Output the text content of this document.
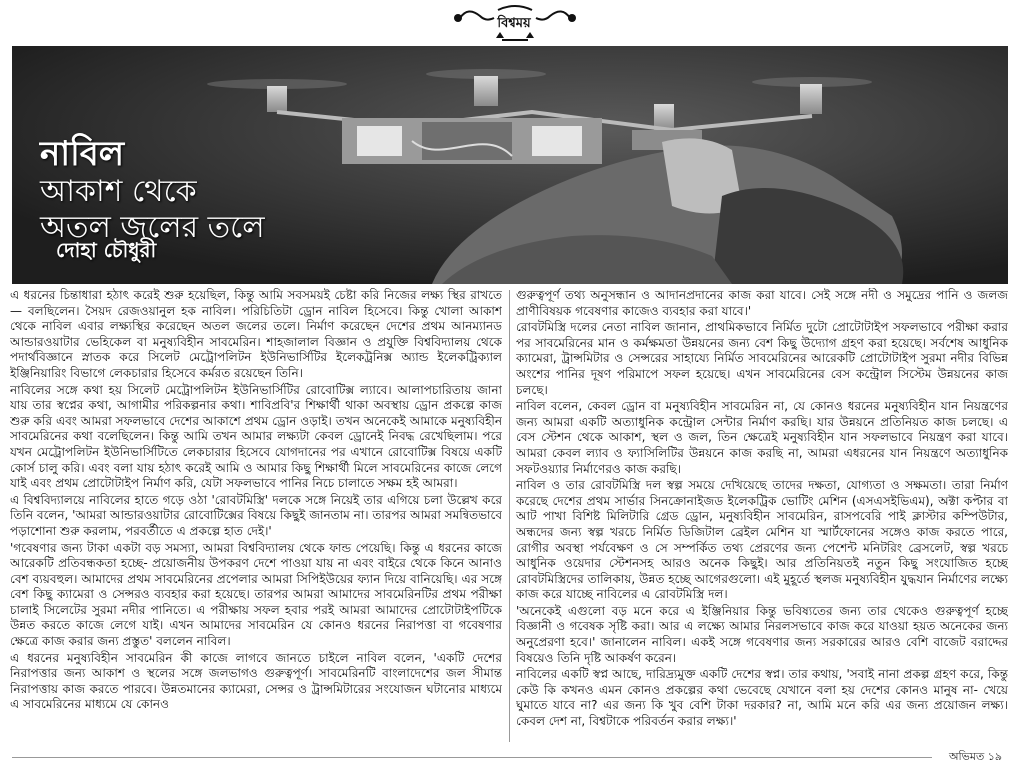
বিশ্বময়
নাবিল
আকাশ থেকে
অতল জলের তলে
দোহা চৌধুরী

এ ধরনের চিন্তাধারা হঠাৎ করেই শুরু হয়েছিল, কিন্তু আমি সবসময়ই চেষ্টা করি নিজের লক্ষ্য স্থির রাখতে— বলছিলেন। সৈয়দ রেজওয়ানুল হক নাবিল। পরিচিতিটা ড্রোন নাবিল হিসেবে। কিন্তু খোলা আকাশ থেকে নাবিল এবার লক্ষ্যস্থির করেছেন অতল জলের তলে। নির্মাণ করেছেন দেশের প্রথম আনম্যানড আন্ডারওয়াটার ভেহিকেল বা মনুষ্যবিহীন সাবমেরিন। শাহজালাল বিজ্ঞান ও প্রযুক্তি বিশ্ববিদ্যালয় থেকে পদার্থবিজ্ঞানে স্নাতক করে সিলেট মেট্রোপলিটন ইউনিভার্সিটির ইলেকট্রনিক্স অ্যান্ড ইলেকট্রিক্যাল ইঞ্জিনিয়ারিং বিভাগে লেকচারার হিসেবে কর্মরত রয়েছেন তিনি।

নাবিলের সঙ্গে কথা হয় সিলেট মেট্রোপলিটন ইউনিভার্সিটির রোবোটিক্স ল্যাবে। আলাপচারিতায় জানা যায় তার স্বপ্নের কথা, আগামীর পরিকল্পনার কথা। শাবিপ্রবি'র শিক্ষার্থী থাকা অবস্থায় ড্রোন প্রকল্পে কাজ শুরু করি এবং আমরা সফলভাবে দেশের আকাশে প্রথম ড্রোন ওড়াই। তখন অনেকেই আমাকে মনুষ্যবিহীন সাবমেরিনের কথা বলেছিলেন। কিন্তু আমি তখন আমার লক্ষ্যটা কেবল ড্রোনেই নিবদ্ধ রেখেছিলাম। পরে যখন মেট্রোপলিটন ইউনিভার্সিটিতে লেকচারার হিসেবে যোগদানের পর এখানে রোবোটিক্স বিষয়ে একটি কোর্স চালু করি। এবং বলা যায় হঠাৎ করেই আমি ও আমার কিছু শিক্ষার্থী মিলে সাবমেরিনের কাজে লেগে যাই এবং প্রথম প্রোটোটাইপ নির্মাণ করি, যেটা সফলভাবে পানির নিচে চালাতে সক্ষম হই আমরা।

এ বিশ্ববিদ্যালয়ে নাবিলের হাতে গড়ে ওঠা 'রোবটমিস্ত্রি' দলকে সঙ্গে নিয়েই তার এগিয়ে চলা উল্লেখ করে তিনি বলেন, 'আমরা আন্ডারওয়াটার রোবোটিক্সের বিষয়ে কিছুই জানতাম না। তারপর আমরা সমন্বিতভাবে পড়াশোনা শুরু করলাম, পরবর্তীতে এ প্রকল্পে হাত দেই।'

'গবেষণার জন্য টাকা একটা বড় সমস্যা, আমরা বিশ্ববিদ্যালয় থেকে ফান্ড পেয়েছি। কিন্তু এ ধরনের কাজে আরেকটি প্রতিবন্ধকতা হচ্ছে- প্রয়োজনীয় উপকরণ দেশে পাওয়া যায় না এবং বাইরে থেকে কিনে আনাও বেশ ব্যয়বহুল। আমাদের প্রথম সাবমেরিনের প্রপেলার আমরা সিপিইউয়ের ফ্যান দিয়ে বানিয়েছি। এর সঙ্গে বেশ কিছু ক্যামেরা ও সেন্সরও ব্যবহার করা হয়েছে। তারপর আমরা আমাদের সাবমেরিনটির প্রথম পরীক্ষা চালাই সিলেটের সুরমা নদীর পানিতে। এ পরীক্ষায় সফল হবার পরই আমরা আমাদের প্রোটোটাইপটিকে উন্নত করতে কাজে লেগে যাই। এখন আমাদের সাবমেরিন যে কোনও ধরনের নিরাপত্তা বা গবেষণার ক্ষেত্রে কাজ করার জন্য প্রস্তুত' বললেন নাবিল।

এ ধরনের মনুষ্যবিহীন সাবমেরিন কী কাজে লাগবে জানতে চাইলে নাবিল বলেন, 'একটি দেশের নিরাপত্তার জন্য আকাশ ও স্থলের সঙ্গে জলভাগও গুরুত্বপূর্ণ। সাবমেরিনটি বাংলাদেশের জল সীমান্ত নিরাপত্তায় কাজ করতে পারবে। উন্নতমানের ক্যামেরা, সেন্সর ও ট্রান্সমিটারের সংযোজন ঘটানোর মাধ্যমে এ সাবমেরিনের মাধ্যমে যে কোনও

গুরুত্বপূর্ণ তথ্য অনুসন্ধান ও আদানপ্রদানের কাজ করা যাবে। সেই সঙ্গে নদী ও সমুদ্রের পানি ও জলজ প্রাণীবিষয়ক গবেষণার কাজেও ব্যবহার করা যাবে।'

রোবটমিস্ত্রি দলের নেতা নাবিল জানান, প্রাথমিকভাবে নির্মিত দুটো প্রোটোটাইপ সফলভাবে পরীক্ষা করার পর সাবমেরিনের মান ও কর্মক্ষমতা উন্নয়নের জন্য বেশ কিছু উদ্যোগ গ্রহণ করা হয়েছে। সর্বশেষ আধুনিক ক্যামেরা, ট্রান্সমিটার ও সেন্সরের সাহায্যে নির্মিত সাবমেরিনের আরেকটি প্রোটোটাইপ সুরমা নদীর বিভিন্ন অংশের পানির দূষণ পরিমাপে সফল হয়েছে। এখন সাবমেরিনের বেস কন্ট্রোল সিস্টেম উন্নয়নের কাজ চলছে।

নাবিল বলেন, কেবল ড্রোন বা মনুষ্যবিহীন সাবমেরিন না, যে কোনও ধরনের মনুষ্যবিহীন যান নিয়ন্ত্রণের জন্য আমরা একটি অত্যাধুনিক কন্ট্রোল সেন্টার নির্মাণ করছি। যার উন্নয়নে প্রতিনিয়ত কাজ চলছে। এ বেস স্টেশন থেকে আকাশ, স্থল ও জল, তিন ক্ষেত্রেই মনুষ্যবিহীন যান সফলভাবে নিয়ন্ত্রণ করা যাবে। আমরা কেবল ল্যাব ও ফ্যাসিলিটির উন্নয়নে কাজ করছি না, আমরা এধরনের যান নিয়ন্ত্রণে অত্যাধুনিক সফটওয়্যার নির্মাণেরও কাজ করছি।

নাবিল ও তার রোবটমিস্ত্রি দল স্বল্প সময়ে দেখিয়েছে তাদের দক্ষতা, যোগ্যতা ও সক্ষমতা। তারা নির্মাণ করেছে দেশের প্রথম সার্ভার সিনক্রোনাইজড ইলেকট্রিক ভোটিং মেশিন (এসএসইভিএম), অক্টা কপ্টার বা আট পাখা বিশিষ্ট মিলিটারি গ্রেড ড্রোন, মনুষ্যবিহীন সাবমেরিন, রাসপবেরি পাই ক্লাস্টার কম্পিউটার, অন্ধদের জন্য স্বল্প খরচে নির্মিত ডিজিটাল ব্রেইল মেশিন যা স্মার্টফোনের সঙ্গেও কাজ করতে পারে, রোগীর অবস্থা পর্যবেক্ষণ ও সে সম্পর্কিত তথ্য প্রেরণের জন্য পেশেন্ট মনিটরিং ব্রেসলেট, স্বল্প খরচে আধুনিক ওয়েদার স্টেশনসহ আরও অনেক কিছুই। আর প্রতিনিয়তই নতুন কিছু সংযোজিত হচ্ছে রোবটমিস্ত্রিদের তালিকায়, উন্নত হচ্ছে আগেরগুলো। এই মুহূর্তে স্থলজ মনুষ্যবিহীন যুদ্ধযান নির্মাণের লক্ষ্যে কাজ করে যাচ্ছে নাবিলের এ রোবটমিস্ত্রি দল।

'অনেকেই এগুলো বড় মনে করে এ ইঞ্জিনিয়ার কিন্তু ভবিষ্যতের জন্য তার থেকেও গুরুত্বপূর্ণ হচ্ছে বিজ্ঞানী ও গবেষক সৃষ্টি করা। আর এ লক্ষ্যে আমার নিরলসভাবে কাজ করে যাওয়া হয়ত অনেকের জন্য অনুপ্রেরণা হবে।' জানালেন নাবিল। একই সঙ্গে গবেষণার জন্য সরকারের আরও বেশি বাজেট বরাদ্দের বিষয়েও তিনি দৃষ্টি আকর্ষণ করেন।

নাবিলের একটি স্বপ্ন আছে, দারিদ্র্যমুক্ত একটি দেশের স্বপ্ন। তার কথায়, 'সবাই নানা প্রকল্প গ্রহণ করে, কিন্তু কেউ কি কখনও এমন কোনও প্রকল্পের কথা ভেবেছে যেখানে বলা হয় দেশের কোনও মানুষ না- খেয়ে ঘুমাতে যাবে না? এর জন্য কি খুব বেশি টাকা দরকার? না, আমি মনে করি এর জন্য প্রয়োজন লক্ষ্য। কেবল দেশ না, বিশ্বটাকে পরিবর্তন করার লক্ষ্য।'

অভিমত ১৯
